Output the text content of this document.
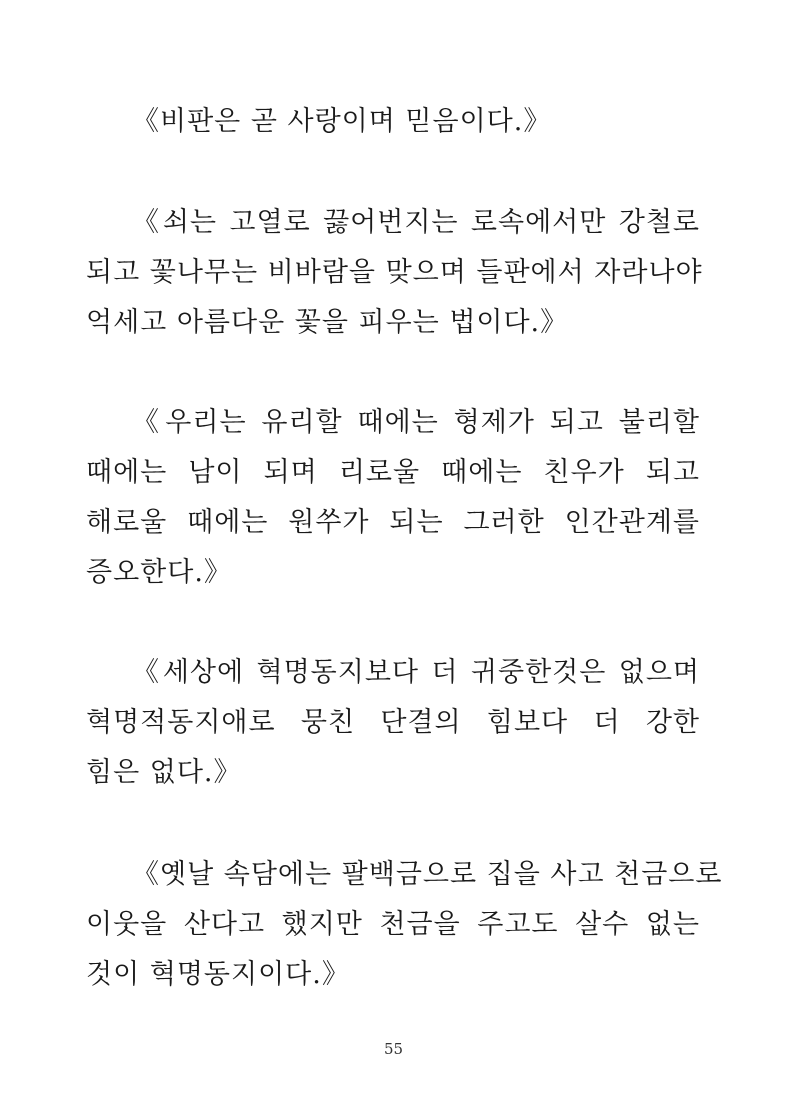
《비판은 곧 사랑이며 믿음이다.》

《쇠는 고열로 끓어번지는 로속에서만 강철로
되고 꽃나무는 비바람을 맞으며 들판에서 자라나야
억세고 아름다운 꽃을 피우는 법이다.》

《우리는 유리할 때에는 형제가 되고 불리할
때에는 남이 되며 리로울 때에는 친우가 되고
해로울 때에는 원쑤가 되는 그러한 인간관계를
증오한다.》

《세상에 혁명동지보다 더 귀중한것은 없으며
혁명적동지애로 뭉친 단결의 힘보다 더 강한
힘은 없다.》

《옛날 속담에는 팔백금으로 집을 사고 천금으로
이웃을 산다고 했지만 천금을 주고도 살수 없는
것이 혁명동지이다.》

55
